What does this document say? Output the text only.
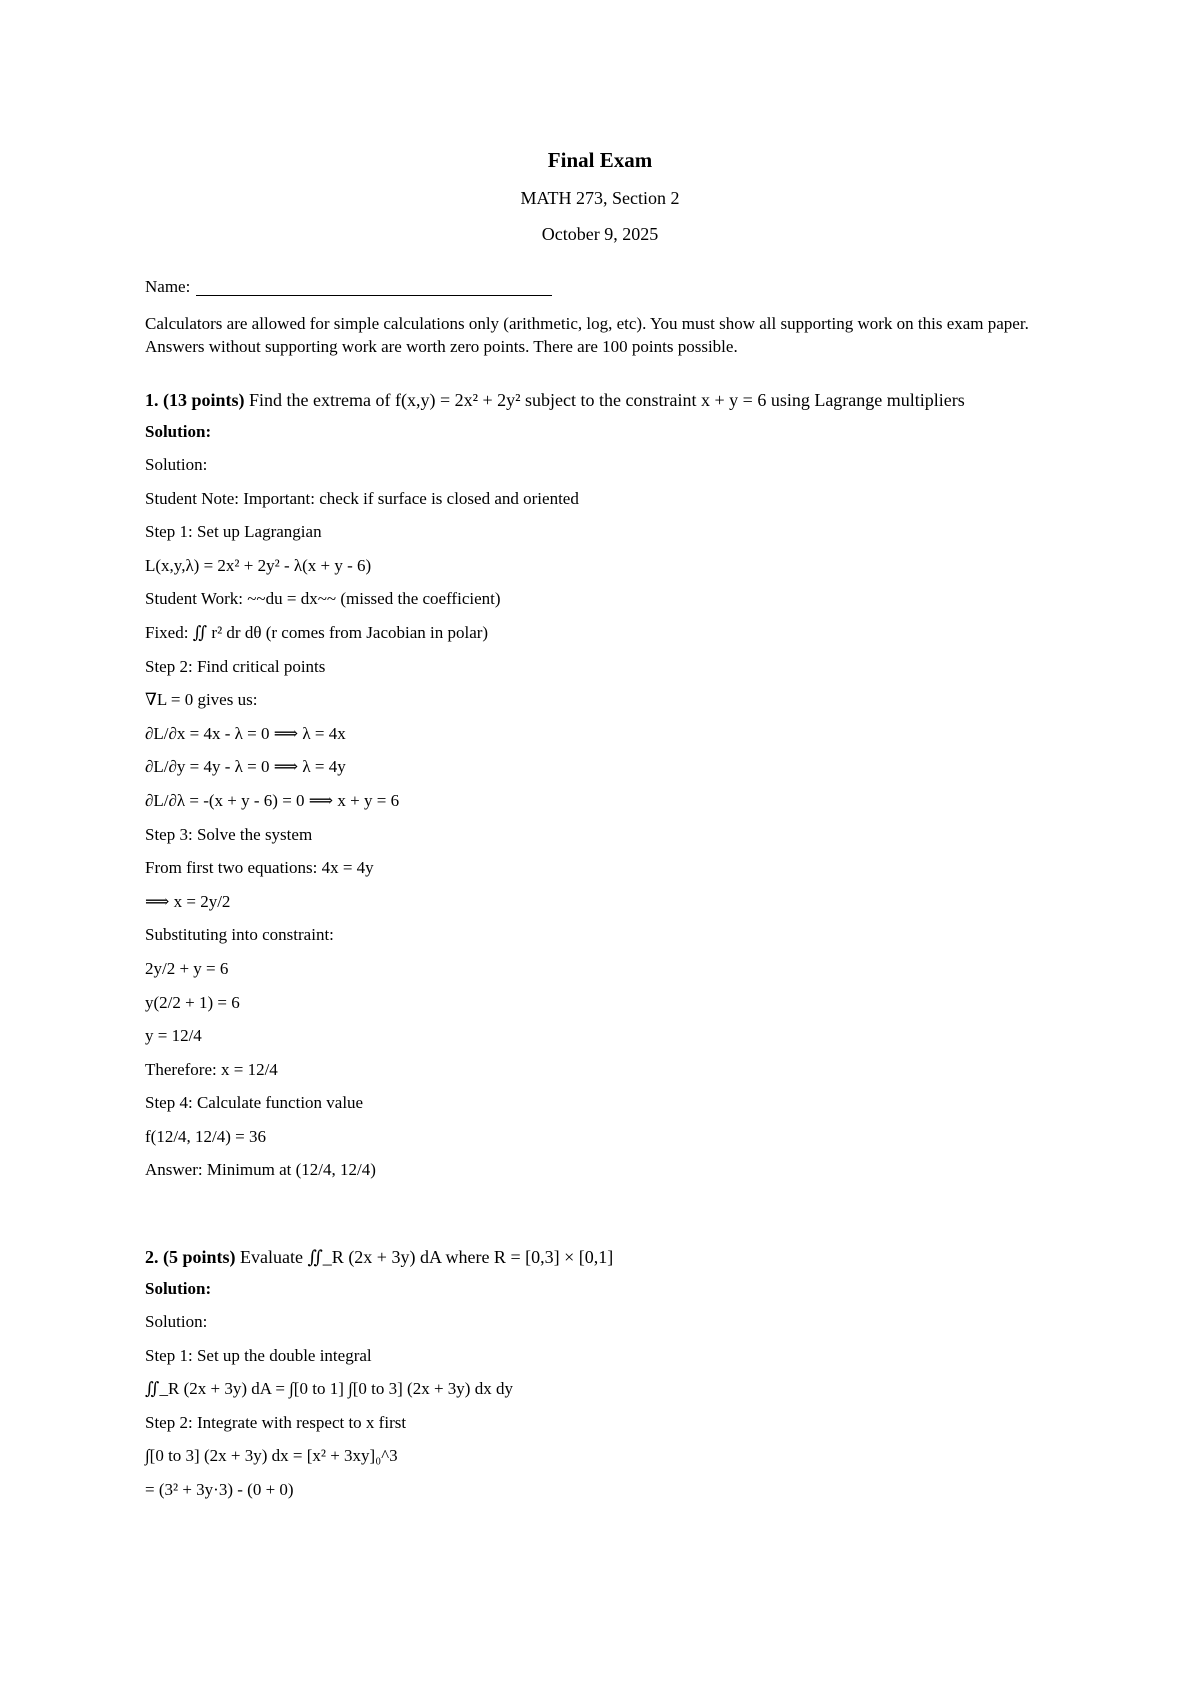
Final Exam
MATH 273, Section 2
October 9, 2025
Name:
Calculators are allowed for simple calculations only (arithmetic, log, etc). You must show all supporting work on this exam paper. Answers without supporting work are worth zero points. There are 100 points possible.
1. (13 points) Find the extrema of f(x,y) = 2x² + 2y² subject to the constraint x + y = 6 using Lagrange multipliers
Solution:
Solution:
Student Note: Important: check if surface is closed and oriented
Step 1: Set up Lagrangian
L(x,y,λ) = 2x² + 2y² - λ(x + y - 6)
Student Work: ~~du = dx~~ (missed the coefficient)
Fixed: ∬ r² dr dθ (r comes from Jacobian in polar)
Step 2: Find critical points
∇L = 0 gives us:
∂L/∂x = 4x - λ = 0 ⟹ λ = 4x
∂L/∂y = 4y - λ = 0 ⟹ λ = 4y
∂L/∂λ = -(x + y - 6) = 0 ⟹ x + y = 6
Step 3: Solve the system
From first two equations: 4x = 4y
⟹ x = 2y/2
Substituting into constraint:
2y/2 + y = 6
y(2/2 + 1) = 6
y = 12/4
Therefore: x = 12/4
Step 4: Calculate function value
f(12/4, 12/4) = 36
Answer: Minimum at (12/4, 12/4)
2. (5 points) Evaluate ∬_R (2x + 3y) dA where R = [0,3] × [0,1]
Solution:
Solution:
Step 1: Set up the double integral
∬_R (2x + 3y) dA = ∫[0 to 1] ∫[0 to 3] (2x + 3y) dx dy
Step 2: Integrate with respect to x first
∫[0 to 3] (2x + 3y) dx = [x² + 3xy]₀^3
= (3² + 3y·3) - (0 + 0)
